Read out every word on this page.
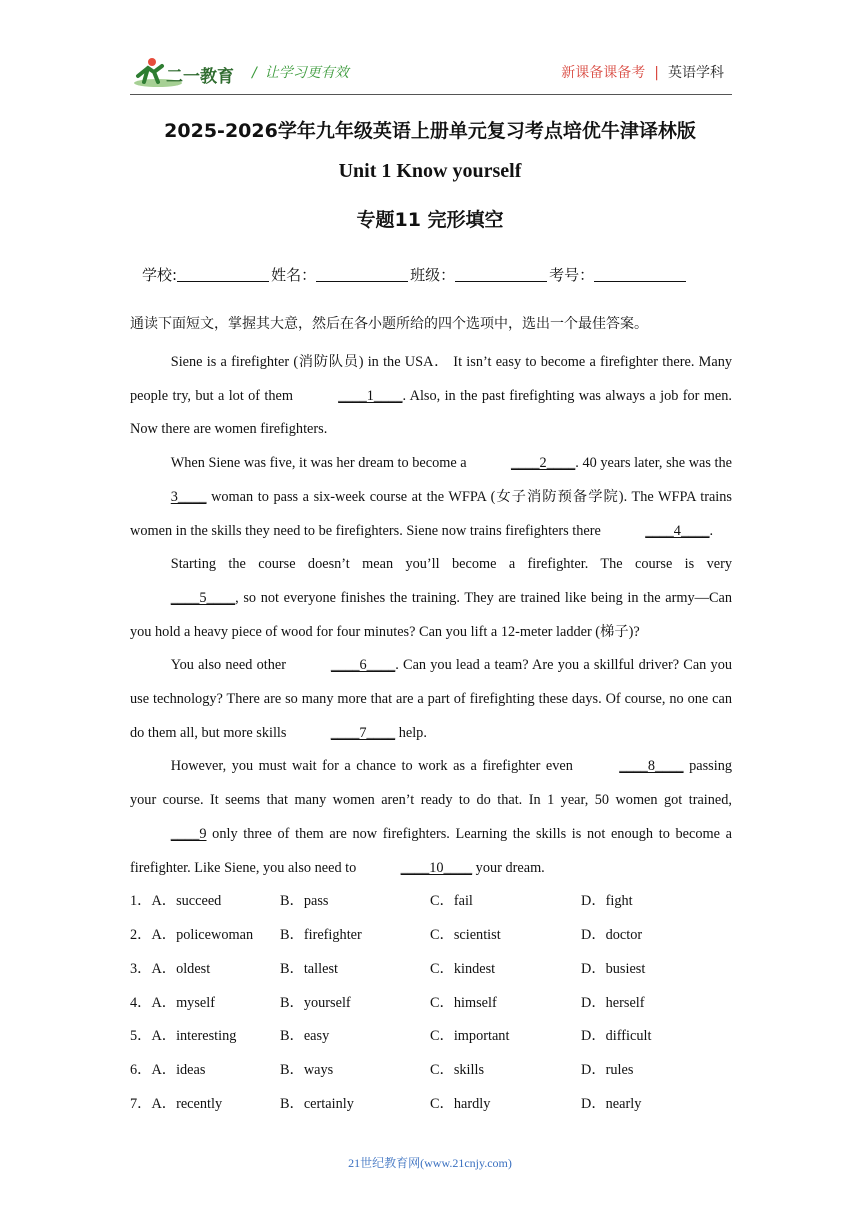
二一教育 / 让学习更有效	新课备课备考 | 英语学科
2025-2026学年九年级英语上册单元复习考点培优牛津译林版
Unit 1 Know yourself
专题11 完形填空
学校:	姓名：	班级：	考号：
通读下面短文，掌握其大意，然后在各小题所给的四个选项中，选出一个最佳答案。

Siene is a firefighter (消防队员) in the USA． It isn’t easy to become a firefighter there. Many people try, but a lot of them	____1____. Also, in the past firefighting was always a job for men. Now there are women firefighters.

When Siene was five, it was her dream to become a	____2____. 40 years later, she was the 3____ woman to pass a six-week course at the WFPA (女子消防预备学院). The WFPA trains women in the skills they need to be firefighters. Siene now trains firefighters there	____4____.

Starting the course doesn’t mean you’ll become a firefighter. The course is very ____5____, so not everyone finishes the training. They are trained like being in the army—Can you hold a heavy piece of wood for four minutes? Can you lift a 12-meter ladder (梯子)?

You also need other	____6____. Can you lead a team? Are you a skillful driver? Can you use technology? There are so many more that are a part of firefighting these days. Of course, no one can do them all, but more skills	____7____ help.

However, you must wait for a chance to work as a firefighter even	____8____ passing your course. It seems that many women aren’t ready to do that. In 1 year, 50 women got trained, ____9 only three of them are now firefighters. Learning the skills is not enough to become a firefighter. Like Siene, you also need to	____10____ your dream.

1．A．succeed	B．pass	C．fail	D．fight
2．A．policewoman B．firefighter	C．scientist	D．doctor
3．A．oldest	B．tallest	C．kindest	D．busiest
4．A．myself	B．yourself	C．himself	D．herself
5．A．interesting	B．easy	C．important	D．difficult
6．A．ideas	B．ways	C．skills	D．rules
7．A．recently	B．certainly	C．hardly	D．nearly
21世纪教育网(www.21cnjy.com)
